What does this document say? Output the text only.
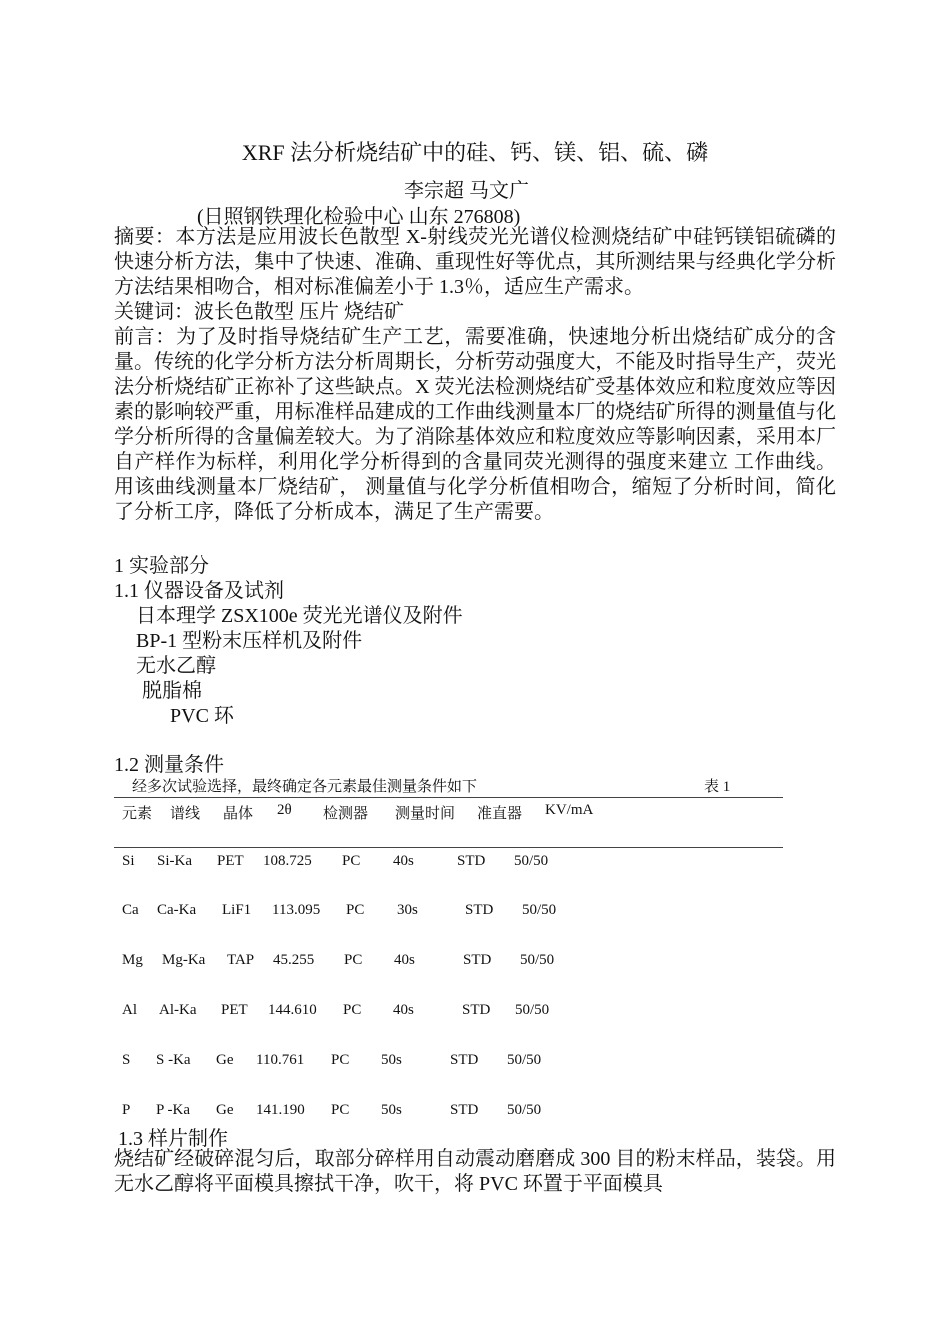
XRF 法分析烧结矿中的硅、钙、镁、铝、硫、磷
李宗超 马文广
(日照钢铁理化检验中心 山东 276808)
摘要：本方法是应用波长色散型 X-射线荧光光谱仪检测烧结矿中硅钙镁铝硫磷的快速分析方法，集中了快速、准确、重现性好等优点，其所测结果与经典化学分析方法结果相吻合，相对标准偏差小于 1.3％，适应生产需求。
关键词：波长色散型 压片 烧结矿
前言：为了及时指导烧结矿生产工艺，需要准确，快速地分析出烧结矿成分的含量。传统的化学分析方法分析周期长，分析劳动强度大，不能及时指导生产，荧光法分析烧结矿正祢补了这些缺点。X 荧光法检测烧结矿受基体效应和粒度效应等因素的影响较严重，用标准样品建成的工作曲线测量本厂的烧结矿所得的测量值与化学分析所得的含量偏差较大。为了消除基体效应和粒度效应等影响因素，采用本厂自产样作为标样，利用化学分析得到的含量同荧光测得的强度来建立 工作曲线。用该曲线测量本厂烧结矿， 测量值与化学分析值相吻合，缩短了分析时间，简化了分析工序，降低了分析成本，满足了生产需要。
1 实验部分
1.1 仪器设备及试剂
日本理学 ZSX100e 荧光光谱仪及附件
BP-1 型粉末压样机及附件
无水乙醇
脱脂棉
PVC 环
1.2 测量条件
经多次试验选择，最终确定各元素最佳测量条件如下	表 1
元素 谱线 晶体 2θ 检测器 测量时间 准直器 KV/mA
Si Si-Ka PET 108.725 PC 40s	STD 50/50
Ca Ca-Ka LiF1 113.095 PC 30s	STD 50/50
Mg Mg-Ka TAP 45.255 PC 40s	STD 50/50
Al Al-Ka PET 144.610 PC 40s	STD 50/50
S S -Ka Ge 110.761 PC 50s	STD 50/50
P P -Ka Ge 141.190 PC 50s	STD 50/50
1.3 样片制作
烧结矿经破碎混匀后，取部分碎样用自动震动磨磨成 300 目的粉末样品，装袋。用无水乙醇将平面模具擦拭干净，吹干，将 PVC 环置于平面模具
